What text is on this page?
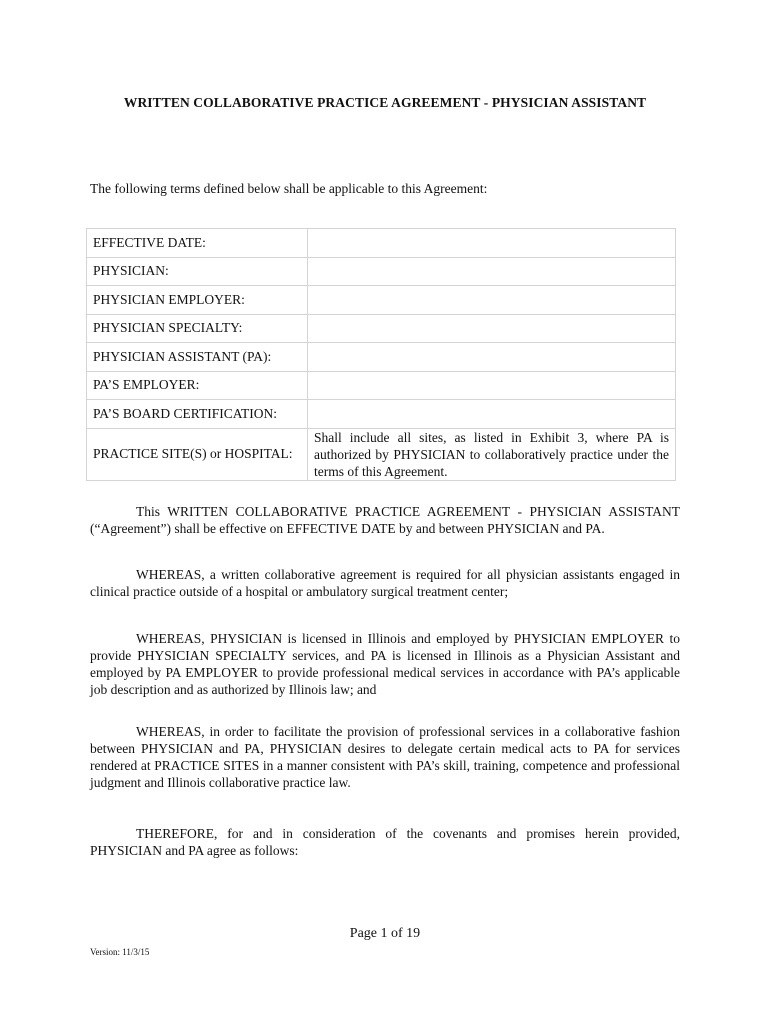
WRITTEN COLLABORATIVE PRACTICE AGREEMENT - PHYSICIAN ASSISTANT
The following terms defined below shall be applicable to this Agreement:
EFFECTIVE DATE:	
PHYSICIAN:	
PHYSICIAN EMPLOYER:	
PHYSICIAN SPECIALTY:	
PHYSICIAN ASSISTANT (PA):	
PA’S EMPLOYER:	
PA’S BOARD CERTIFICATION:	
PRACTICE SITE(S) or HOSPITAL:	Shall include all sites, as listed in Exhibit 3, where PA is authorized by PHYSICIAN to collaboratively practice under the terms of this Agreement.

This WRITTEN COLLABORATIVE PRACTICE AGREEMENT - PHYSICIAN ASSISTANT (“Agreement”) shall be effective on EFFECTIVE DATE by and between PHYSICIAN and PA.

WHEREAS, a written collaborative agreement is required for all physician assistants engaged in clinical practice outside of a hospital or ambulatory surgical treatment center;

WHEREAS, PHYSICIAN is licensed in Illinois and employed by PHYSICIAN EMPLOYER to provide PHYSICIAN SPECIALTY services, and PA is licensed in Illinois as a Physician Assistant and employed by PA EMPLOYER to provide professional medical services in accordance with PA’s applicable job description and as authorized by Illinois law; and

WHEREAS, in order to facilitate the provision of professional services in a collaborative fashion between PHYSICIAN and PA, PHYSICIAN desires to delegate certain medical acts to PA for services rendered at PRACTICE SITES in a manner consistent with PA’s skill, training, competence and professional judgment and Illinois collaborative practice law.

THEREFORE, for and in consideration of the covenants and promises herein provided, PHYSICIAN and PA agree as follows:

Page 1 of 19
Version: 11/3/15
